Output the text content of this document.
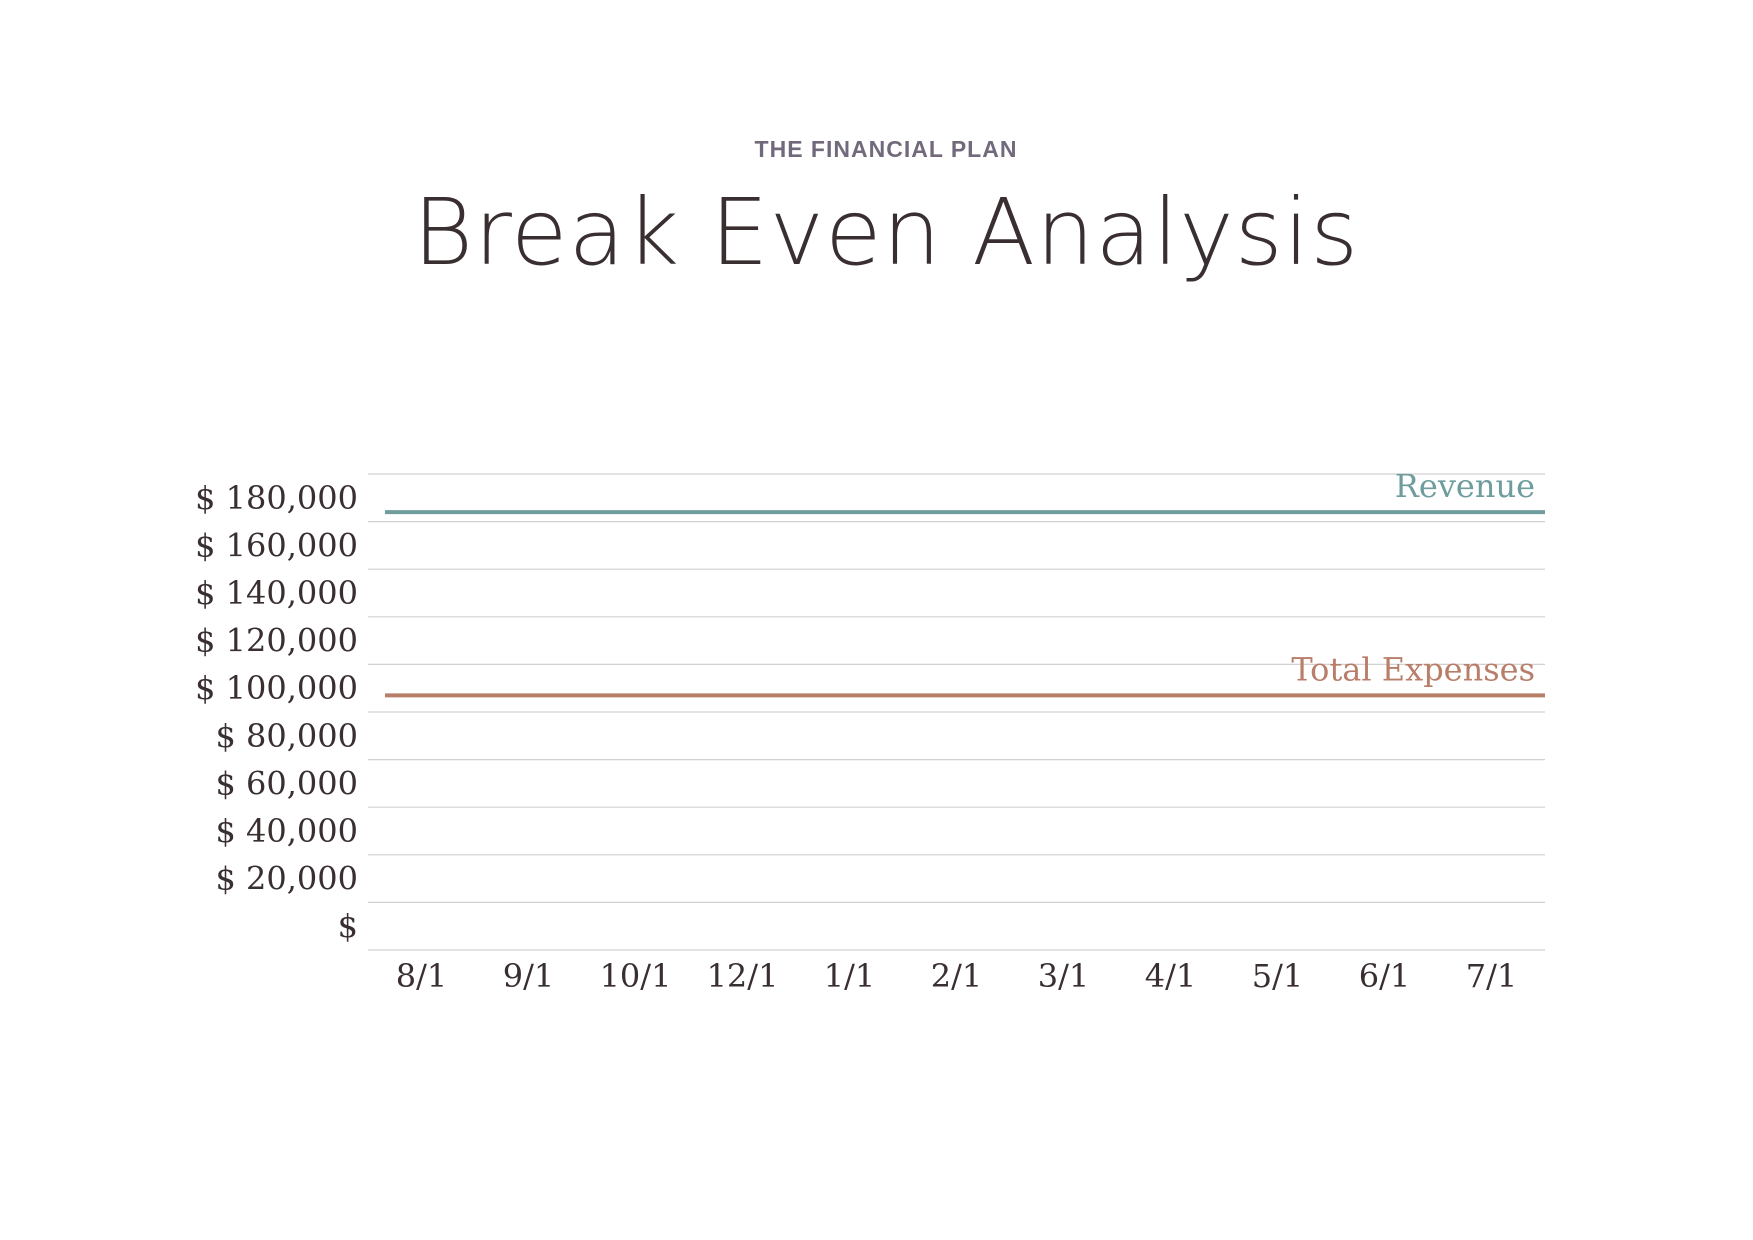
THE FINANCIAL PLAN
Break Even Analysis
$ 180,000
$ 160,000
$ 140,000
$ 120,000
$ 100,000
$ 80,000
$ 60,000
$ 40,000
$ 20,000
$
8/1 9/1 10/1 12/1 1/1 2/1 3/1 4/1 5/1 6/1 7/1
Revenue
Total Expenses
